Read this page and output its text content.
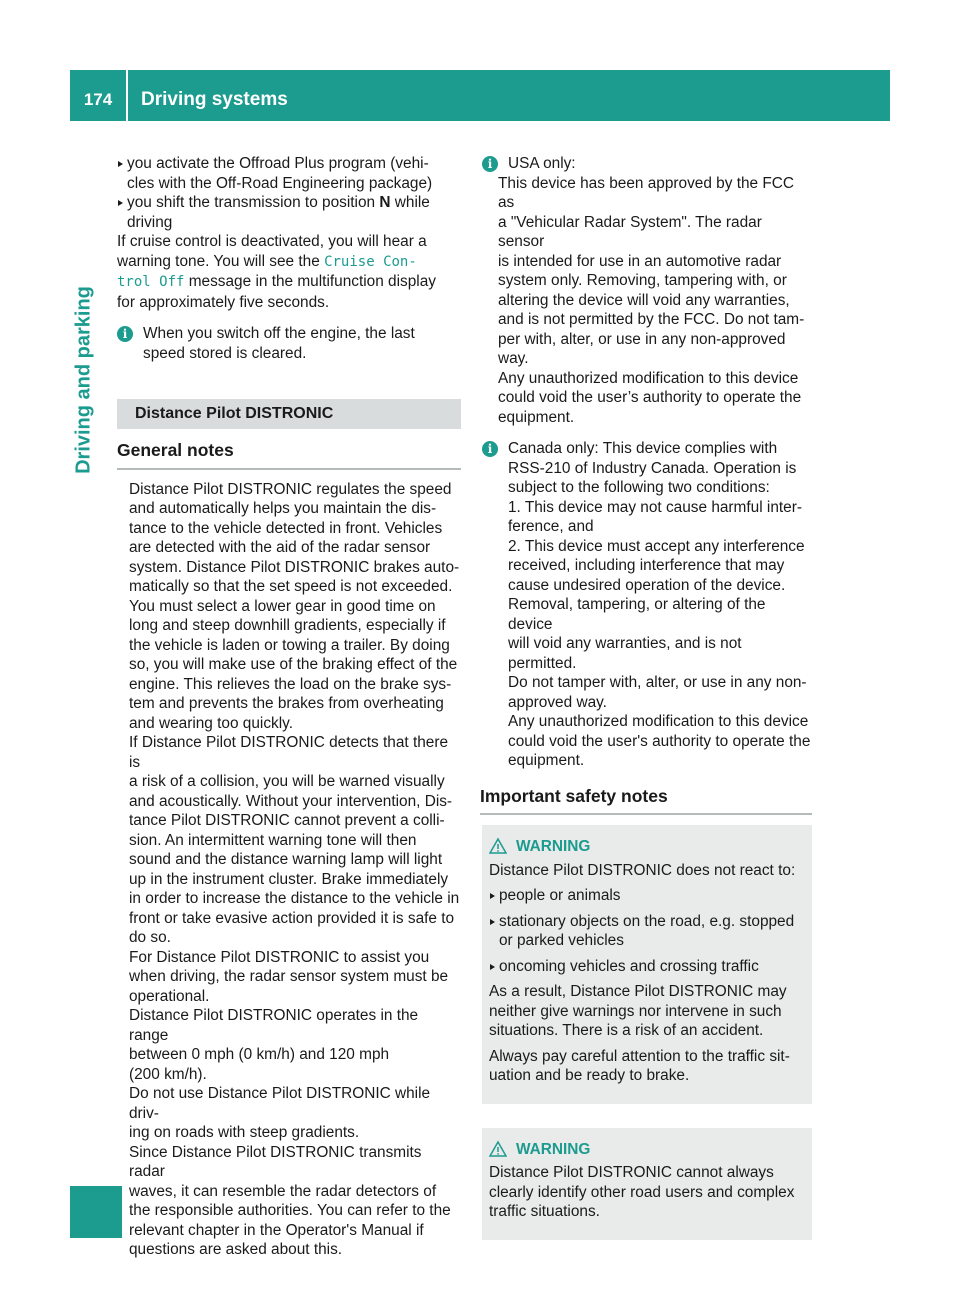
174	Driving systems
Driving and parking
you activate the Offroad Plus program (vehi-
cles with the Off-Road Engineering package)
you shift the transmission to position N while
driving

If cruise control is deactivated, you will hear a
warning tone. You will see the Cruise Con‐
trol Off message in the multifunction display
for approximately five seconds.

i	When you switch off the engine, the last
speed stored is cleared.

Distance Pilot DISTRONIC
General notes

Distance Pilot DISTRONIC regulates the speed
and automatically helps you maintain the dis-
tance to the vehicle detected in front. Vehicles
are detected with the aid of the radar sensor
system. Distance Pilot DISTRONIC brakes auto-
matically so that the set speed is not exceeded.

You must select a lower gear in good time on
long and steep downhill gradients, especially if
the vehicle is laden or towing a trailer. By doing
so, you will make use of the braking effect of the
engine. This relieves the load on the brake sys-
tem and prevents the brakes from overheating
and wearing too quickly.

If Distance Pilot DISTRONIC detects that there is
a risk of a collision, you will be warned visually
and acoustically. Without your intervention, Dis-
tance Pilot DISTRONIC cannot prevent a colli-
sion. An intermittent warning tone will then
sound and the distance warning lamp will light
up in the instrument cluster. Brake immediately
in order to increase the distance to the vehicle in
front or take evasive action provided it is safe to
do so.

For Distance Pilot DISTRONIC to assist you
when driving, the radar sensor system must be
operational.

Distance Pilot DISTRONIC operates in the range
between 0 mph (0 km/h) and 120 mph
(200 km/h).

Do not use Distance Pilot DISTRONIC while driv-
ing on roads with steep gradients.

Since Distance Pilot DISTRONIC transmits radar
waves, it can resemble the radar detectors of
the responsible authorities. You can refer to the
relevant chapter in the Operator's Manual if
questions are asked about this.

i	USA only:

This device has been approved by the FCC as
a "Vehicular Radar System". The radar sensor
is intended for use in an automotive radar
system only. Removing, tampering with, or
altering the device will void any warranties,
and is not permitted by the FCC. Do not tam-
per with, alter, or use in any non-approved
way.

Any unauthorized modification to this device
could void the user’s authority to operate the
equipment.

i	Canada only: This device complies with
RSS-210 of Industry Canada. Operation is
subject to the following two conditions:

1. This device may not cause harmful inter-
ference, and

2. This device must accept any interference
received, including interference that may
cause undesired operation of the device.

Removal, tampering, or altering of the device
will void any warranties, and is not permitted.
Do not tamper with, alter, or use in any non-
approved way.

Any unauthorized modification to this device
could void the user's authority to operate the
equipment.

Important safety notes
WARNING

Distance Pilot DISTRONIC does not react to:

people or animals
stationary objects on the road, e.g. stopped
or parked vehicles
oncoming vehicles and crossing traffic

As a result, Distance Pilot DISTRONIC may
neither give warnings nor intervene in such
situations. There is a risk of an accident.

Always pay careful attention to the traffic sit-
uation and be ready to brake.

WARNING

Distance Pilot DISTRONIC cannot always
clearly identify other road users and complex
traffic situations.
